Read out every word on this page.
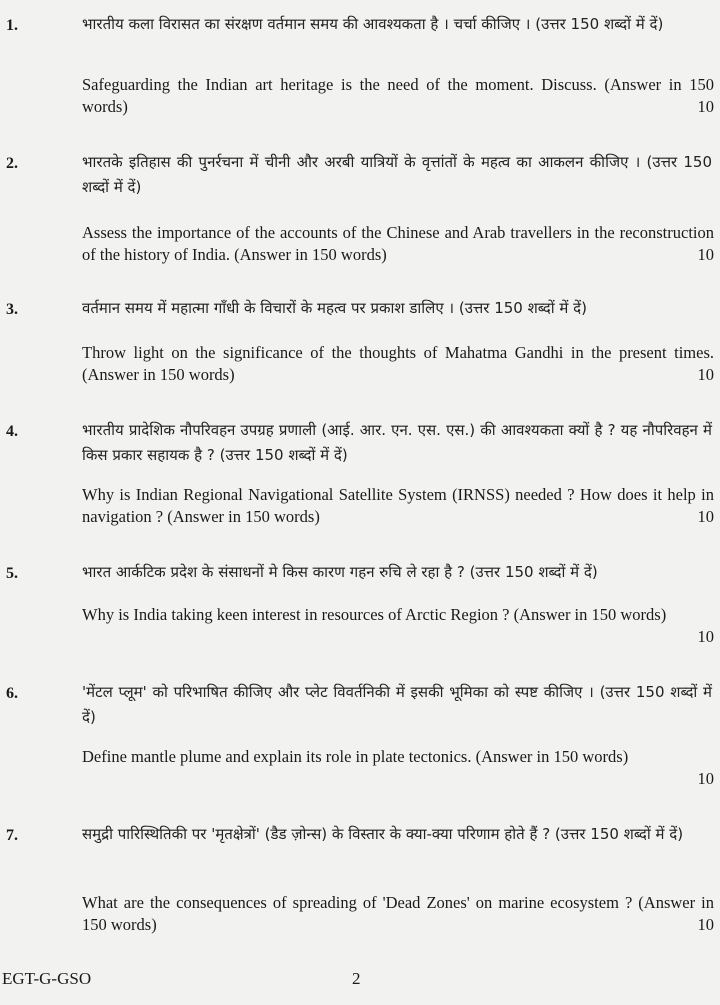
1.	भारतीय कला विरासत का संरक्षण वर्तमान समय की आवश्यकता है । चर्चा कीजिए । (उत्तर 150 शब्दों में दें)
Safeguarding the Indian art heritage is the need of the moment. Discuss. (Answer in 150 words)	10
2.	भारतके इतिहास की पुनर्रचना में चीनी और अरबी यात्रियों के वृत्तांतों के महत्व का आकलन कीजिए । (उत्तर 150 शब्दों में दें)
Assess the importance of the accounts of the Chinese and Arab travellers in the reconstruction of the history of India. (Answer in 150 words)	10
3.	वर्तमान समय में महात्मा गाँधी के विचारों के महत्व पर प्रकाश डालिए । (उत्तर 150 शब्दों में दें)
Throw light on the significance of the thoughts of Mahatma Gandhi in the present times. (Answer in 150 words)	10
4.	भारतीय प्रादेशिक नौपरिवहन उपग्रह प्रणाली (आई. आर. एन. एस. एस.) की आवश्यकता क्यों है ? यह नौपरिवहन में किस प्रकार सहायक है ? (उत्तर 150 शब्दों में दें)
Why is Indian Regional Navigational Satellite System (IRNSS) needed ? How does it help in navigation ? (Answer in 150 words)	10
5.	भारत आर्कटिक प्रदेश के संसाधनों मे किस कारण गहन रुचि ले रहा है ? (उत्तर 150 शब्दों में दें)
Why is India taking keen interest in resources of Arctic Region ? (Answer in 150 words)
10
6.	'मेंटल प्लूम' को परिभाषित कीजिए और प्लेट विवर्तनिकी में इसकी भूमिका को स्पष्ट कीजिए । (उत्तर 150 शब्दों में दें)
Define mantle plume and explain its role in plate tectonics. (Answer in 150 words)
10
7.	समुद्री पारिस्थितिकी पर 'मृतक्षेत्रों' (डैड ज़ोन्स) के विस्तार के क्या-क्या परिणाम होते हैं ? (उत्तर 150 शब्दों में दें)
What are the consequences of spreading of 'Dead Zones' on marine ecosystem ? (Answer in 150 words)	10
EGT-G-GSO	2
